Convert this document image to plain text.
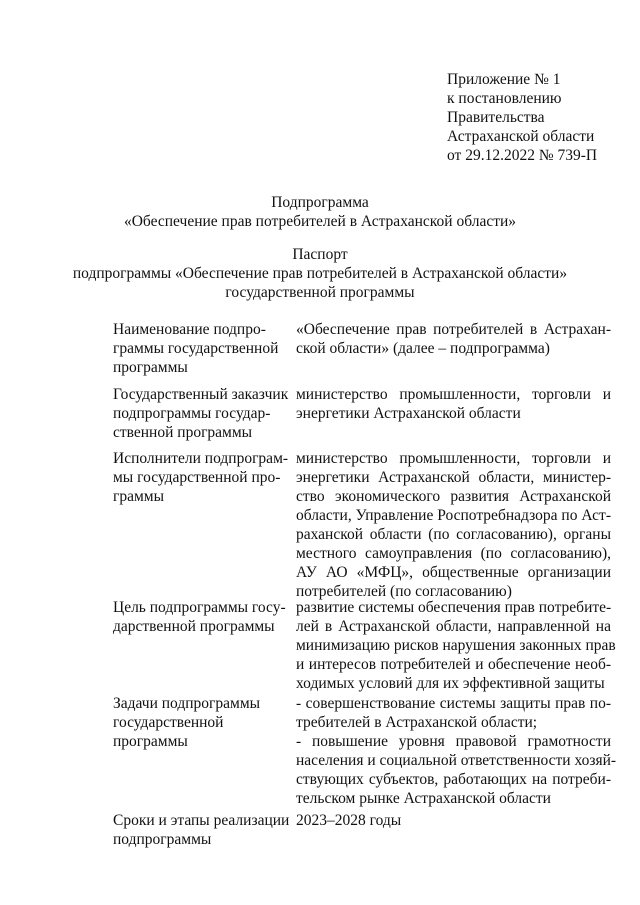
Приложение № 1
к постановлению
Правительства
Астраханской области
от 29.12.2022 № 739-П
Подпрограмма
«Обеспечение прав потребителей в Астраханской области»
Паспорт
подпрограммы «Обеспечение прав потребителей в Астраханской области»
государственной программы
Наименование подпро-
граммы государственной
программы
«Обеспечение прав потребителей в Астрахан-
ской области» (далее – подпрограмма)
Государственный заказчик
подпрограммы государ-
ственной программы
министерство промышленности, торговли и
энергетики Астраханской области
Исполнители подпрограм-
мы государственной про-
граммы
министерство промышленности, торговли и
энергетики Астраханской области, министер-
ство экономического развития Астраханской
области, Управление Роспотребнадзора по Аст-
раханской области (по согласованию), органы
местного самоуправления (по согласованию),
АУ АО «МФЦ», общественные организации
потребителей (по согласованию)
Цель подпрограммы госу-
дарственной программы
развитие системы обеспечения прав потребите-
лей в Астраханской области, направленной на
минимизацию рисков нарушения законных прав
и интересов потребителей и обеспечение необ-
ходимых условий для их эффективной защиты
Задачи подпрограммы
государственной
программы
- совершенствование системы защиты прав по-
требителей в Астраханской области;
- повышение уровня правовой грамотности
населения и социальной ответственности хозяй-
ствующих субъектов, работающих на потреби-
тельском рынке Астраханской области
Сроки и этапы реализации
подпрограммы
2023–2028 годы
